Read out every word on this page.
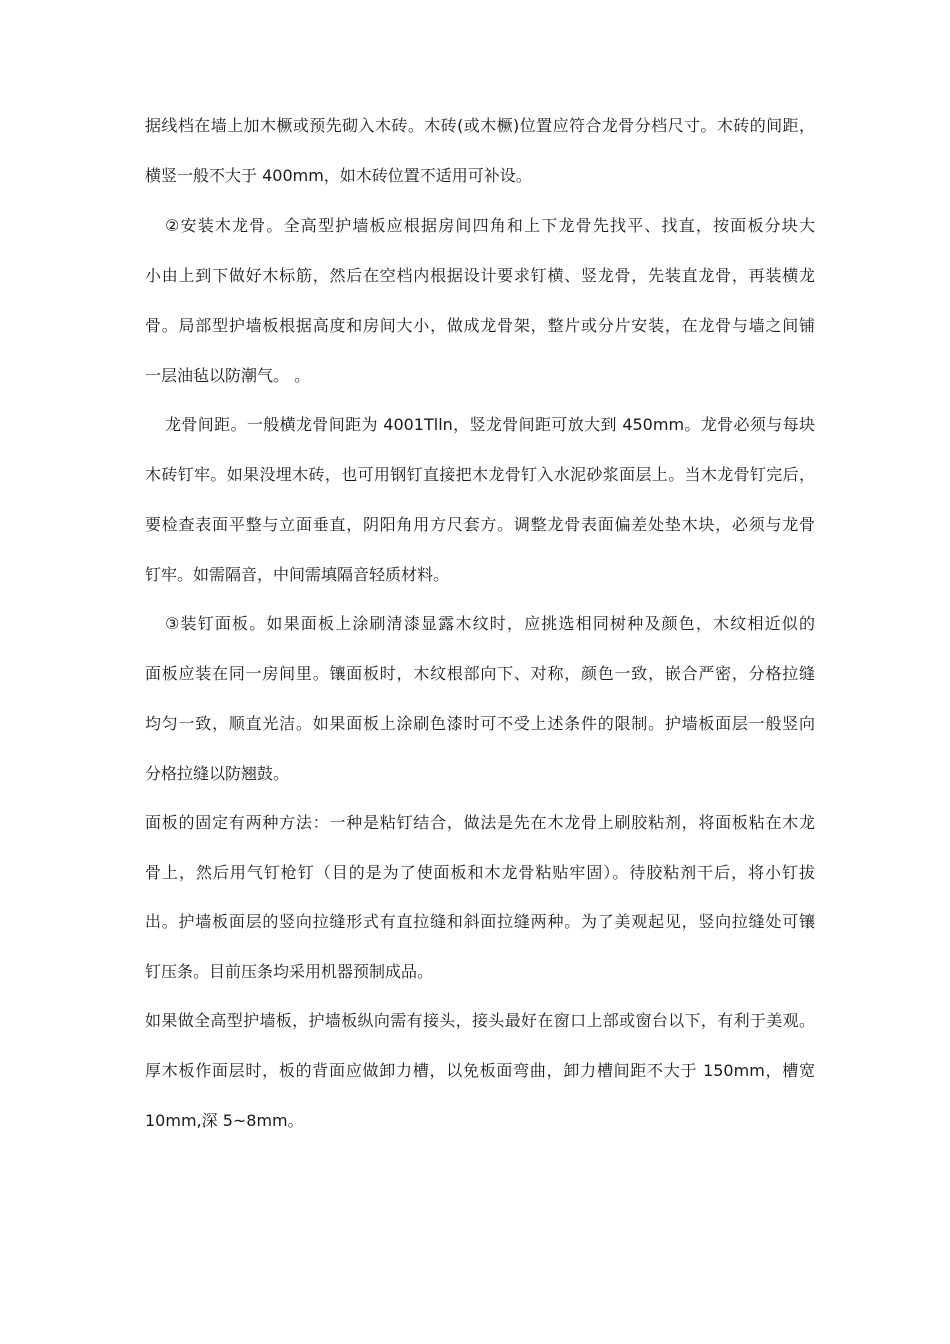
据线档在墙上加木橛或预先砌入木砖。木砖(或木橛)位置应符合龙骨分档尺寸。木砖的间距，
横竖一般不大于 400mm，如木砖位置不适用可补设。
②安装木龙骨。全高型护墙板应根据房间四角和上下龙骨先找平、找直，按面板分块大
小由上到下做好木标筋，然后在空档内根据设计要求钉横、竖龙骨，先装直龙骨，再装横龙
骨。局部型护墙板根据高度和房间大小，做成龙骨架，整片或分片安装，在龙骨与墙之间铺
一层油毡以防潮气。 。
龙骨间距。一般横龙骨间距为 4001Tlln，竖龙骨间距可放大到 450mm。龙骨必须与每块
木砖钉牢。如果没埋木砖，也可用钢钉直接把木龙骨钉入水泥砂浆面层上。当木龙骨钉完后，
要检查表面平整与立面垂直，阴阳角用方尺套方。调整龙骨表面偏差处垫木块，必须与龙骨
钉牢。如需隔音，中间需填隔音轻质材料。
③装钉面板。如果面板上涂刷清漆显露木纹时，应挑选相同树种及颜色，木纹相近似的
面板应装在同一房间里。镶面板时，木纹根部向下、对称，颜色一致，嵌合严密，分格拉缝
均匀一致，顺直光洁。如果面板上涂刷色漆时可不受上述条件的限制。护墙板面层一般竖向
分格拉缝以防翘鼓。
面板的固定有两种方法：一种是粘钉结合，做法是先在木龙骨上刷胶粘剂，将面板粘在木龙
骨上，然后用气钉枪钉（目的是为了使面板和木龙骨粘贴牢固）。待胶粘剂干后，将小钉拔
出。护墙板面层的竖向拉缝形式有直拉缝和斜面拉缝两种。为了美观起见，竖向拉缝处可镶
钉压条。目前压条均采用机器预制成品。
如果做全高型护墙板，护墙板纵向需有接头，接头最好在窗口上部或窗台以下，有利于美观。
厚木板作面层时，板的背面应做卸力槽，以免板面弯曲，卸力槽间距不大于 150mm，槽宽
10mm,深 5~8mm。
